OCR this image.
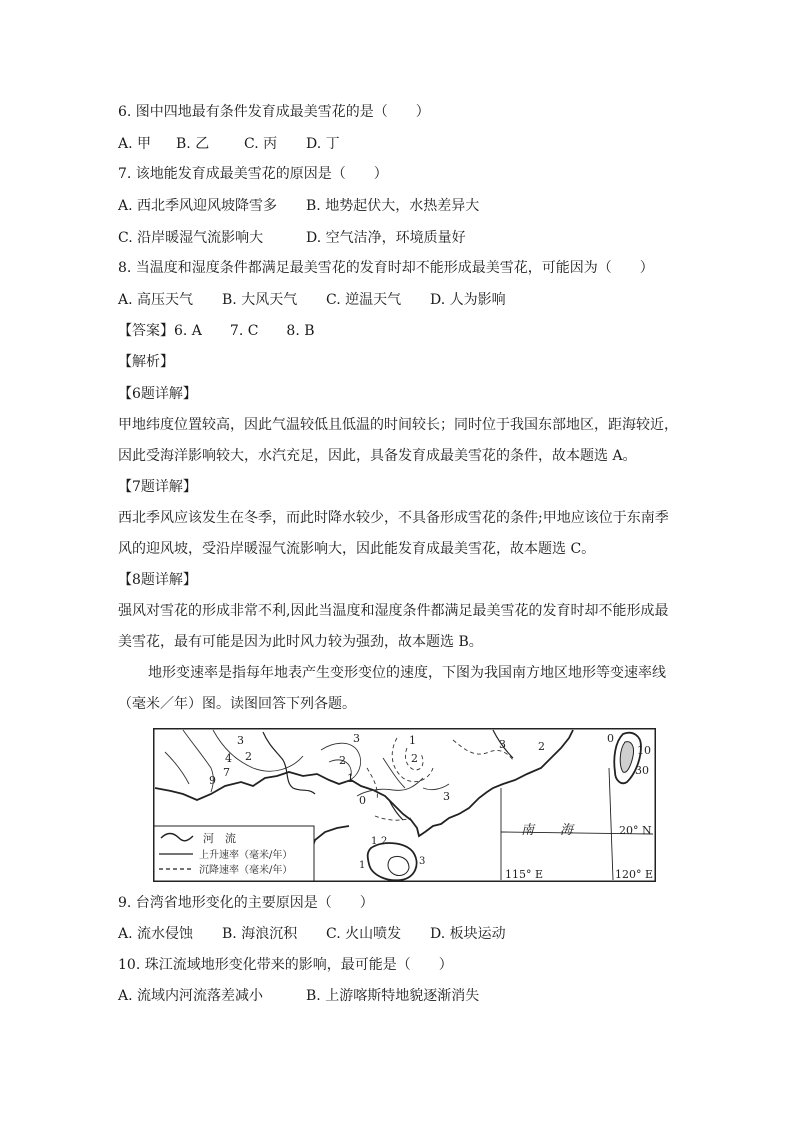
6. 图中四地最有条件发育成最美雪花的是（　　）
A. 甲 B. 乙 C. 丙 D. 丁
7. 该地能发育成最美雪花的原因是（　　）
A. 西北季风迎风坡降雪多 B. 地势起伏大，水热差异大
C. 沿岸暖湿气流影响大	D. 空气洁净，环境质量好
8. 当温度和湿度条件都满足最美雪花的发育时却不能形成最美雪花，可能因为（　　）
A. 高压天气 B. 大风天气 C. 逆温天气 D. 人为影响
【答案】6. A　　7. C　　8. B
【解析】
【6题详解】
甲地纬度位置较高，因此气温较低且低温的时间较长；同时位于我国东部地区，距海较近，
因此受海洋影响较大，水汽充足，因此，具备发育成最美雪花的条件，故本题选 A。
【7题详解】
西北季风应该发生在冬季，而此时降水较少，不具备形成雪花的条件;甲地应该位于东南季
风的迎风坡，受沿岸暖湿气流影响大，因此能发育成最美雪花，故本题选 C。
【8题详解】
强风对雪花的形成非常不利,因此当温度和湿度条件都满足最美雪花的发育时却不能形成最
美雪花，最有可能是因为此时风力较为强劲，故本题选 B。
地形变速率是指每年地表产生变形变位的速度，下图为我国南方地区地形等变速率线
（毫米／年）图。读图回答下列各题。
3
2
4
9
7
3
2
1
0
1
2
3
3	2
0
10
30
1 2
1	3
南　　海	20° N
115° E	120° E
河　流
上升速率（毫米/年）
沉降速率（毫米/年）
9. 台湾省地形变化的主要原因是（　　）
A. 流水侵蚀 B. 海浪沉积 C. 火山喷发 D. 板块运动
10. 珠江流域地形变化带来的影响，最可能是（　　）
A. 流域内河流落差减小	B. 上游喀斯特地貌逐渐消失
